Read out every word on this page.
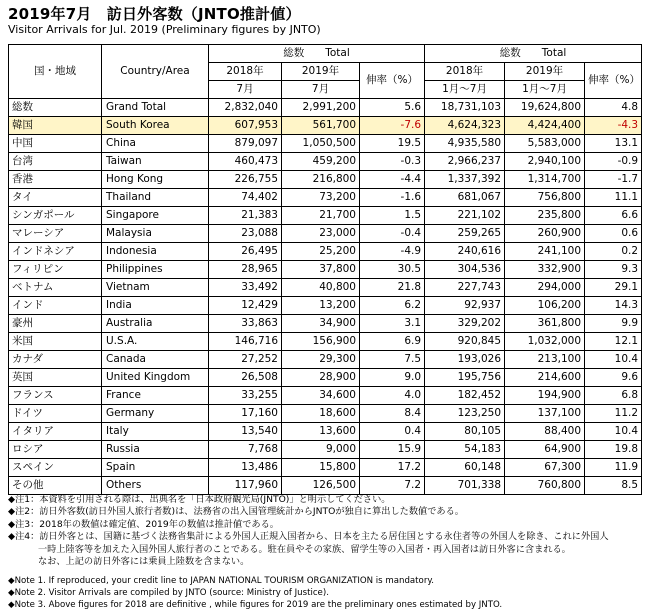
2019年7月　訪日外客数（JNTO推計値）
Visitor Arrivals for Jul. 2019 (Preliminary figures by JNTO)
国・地域	Country/Area	総数　　Total			総数　　Total		
		2018年	2019年	伸率（%）	2018年	2019年	伸率（%）
		7月	7月		1月～7月	1月～7月	
総数	Grand Total	2,832,040	2,991,200	5.6	18,731,103	19,624,800	4.8
韓国	South Korea	607,953	561,700	-7.6	4,624,323	4,424,400	-4.3
中国	China	879,097	1,050,500	19.5	4,935,580	5,583,000	13.1
台湾	Taiwan	460,473	459,200	-0.3	2,966,237	2,940,100	-0.9
香港	Hong Kong	226,755	216,800	-4.4	1,337,392	1,314,700	-1.7
タイ	Thailand	74,402	73,200	-1.6	681,067	756,800	11.1
シンガポール	Singapore	21,383	21,700	1.5	221,102	235,800	6.6
マレーシア	Malaysia	23,088	23,000	-0.4	259,265	260,900	0.6
インドネシア	Indonesia	26,495	25,200	-4.9	240,616	241,100	0.2
フィリピン	Philippines	28,965	37,800	30.5	304,536	332,900	9.3
ベトナム	Vietnam	33,492	40,800	21.8	227,743	294,000	29.1
インド	India	12,429	13,200	6.2	92,937	106,200	14.3
豪州	Australia	33,863	34,900	3.1	329,202	361,800	9.9
米国	U.S.A.	146,716	156,900	6.9	920,845	1,032,000	12.1
カナダ	Canada	27,252	29,300	7.5	193,026	213,100	10.4
英国	United Kingdom	26,508	28,900	9.0	195,756	214,600	9.6
フランス	France	33,255	34,600	4.0	182,452	194,900	6.8
ドイツ	Germany	17,160	18,600	8.4	123,250	137,100	11.2
イタリア	Italy	13,540	13,600	0.4	80,105	88,400	10.4
ロシア	Russia	7,768	9,000	15.9	54,183	64,900	19.8
スペイン	Spain	13,486	15,800	17.2	60,148	67,300	11.9
その他	Others	117,960	126,500	7.2	701,338	760,800	8.5
◆注1：本資料を引用される際は、出典名を「日本政府観光局(JNTO)」と明示してください。
◆注2：訪日外客数(訪日外国人旅行者数)は、法務省の出入国管理統計からJNTOが独自に算出した数値である。
◆注3：2018年の数値は確定値、2019年の数値は推計値である。
◆注4：訪日外客とは、国籍に基づく法務省集計による外国人正規入国者から、日本を主たる居住国とする永住者等の外国人を除き、これに外国人
一時上陸客等を加えた入国外国人旅行者のことである。駐在員やその家族、留学生等の入国者・再入国者は訪日外客に含まれる。
なお、上記の訪日外客には乗員上陸数を含まない。
◆Note 1. If reproduced, your credit line to JAPAN NATIONAL TOURISM ORGANIZATION is mandatory.
◆Note 2. Visitor Arrivals are compiled by JNTO (source: Ministry of Justice).
◆Note 3. Above figures for 2018 are definitive , while figures for 2019 are the preliminary ones estimated by JNTO.
